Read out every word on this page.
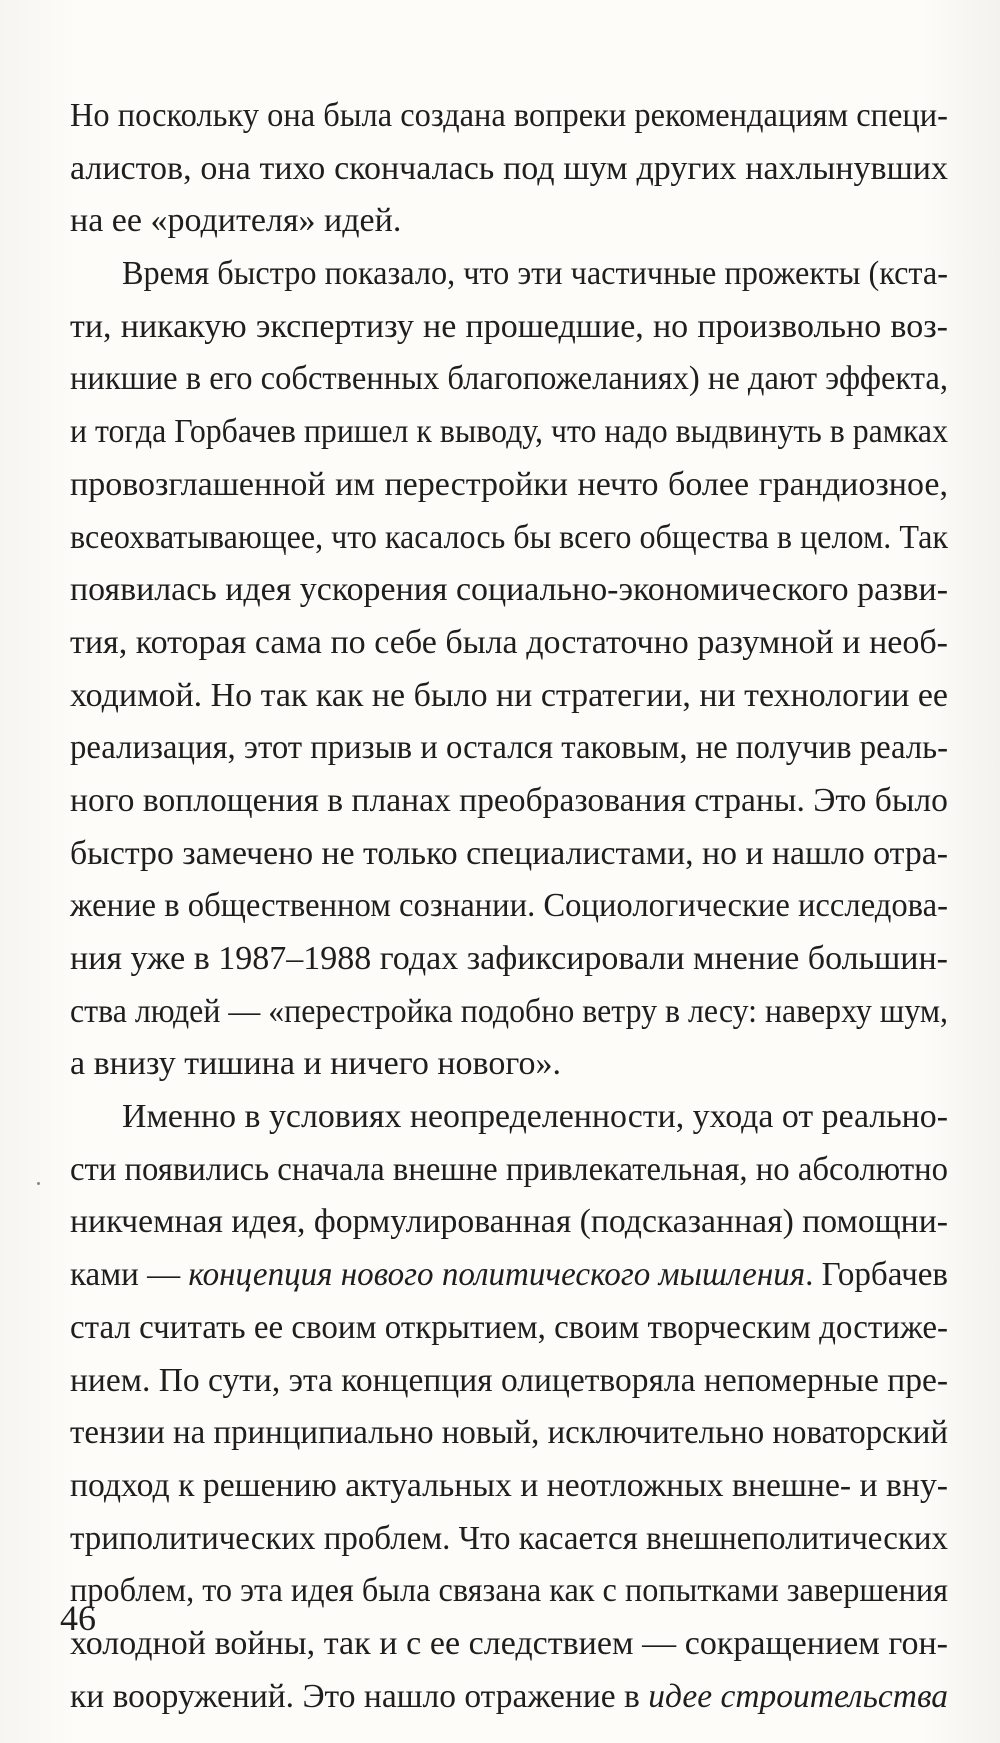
Но поскольку она была создана вопреки рекомендациям специ-
алистов, она тихо скончалась под шум других нахлынувших
на ее «родителя» идей.
Время быстро показало, что эти частичные прожекты (кста-
ти, никакую экспертизу не прошедшие, но произвольно воз-
никшие в его собственных благопожеланиях) не дают эффекта,
и тогда Горбачев пришел к выводу, что надо выдвинуть в рамках
провозглашенной им перестройки нечто более грандиозное,
всеохватывающее, что касалось бы всего общества в целом. Так
появилась идея ускорения социально-экономического разви-
тия, которая сама по себе была достаточно разумной и необ-
ходимой. Но так как не было ни стратегии, ни технологии ее
реализация, этот призыв и остался таковым, не получив реаль-
ного воплощения в планах преобразования страны. Это было
быстро замечено не только специалистами, но и нашло отра-
жение в общественном сознании. Социологические исследова-
ния уже в 1987–1988 годах зафиксировали мнение большин-
ства людей — «перестройка подобно ветру в лесу: наверху шум,
а внизу тишина и ничего нового».
Именно в условиях неопределенности, ухода от реально-
сти появились сначала внешне привлекательная, но абсолютно
никчемная идея, формулированная (подсказанная) помощни-
ками — концепция нового политического мышления. Горбачев
стал считать ее своим открытием, своим творческим достиже-
нием. По сути, эта концепция олицетворяла непомерные пре-
тензии на принципиально новый, исключительно новаторский
подход к решению актуальных и неотложных внешне- и вну-
триполитических проблем. Что касается внешнеполитических
проблем, то эта идея была связана как с попытками завершения
холодной войны, так и с ее следствием — сокращением гон-
ки вооружений. Это нашло отражение в идее строительства
46
